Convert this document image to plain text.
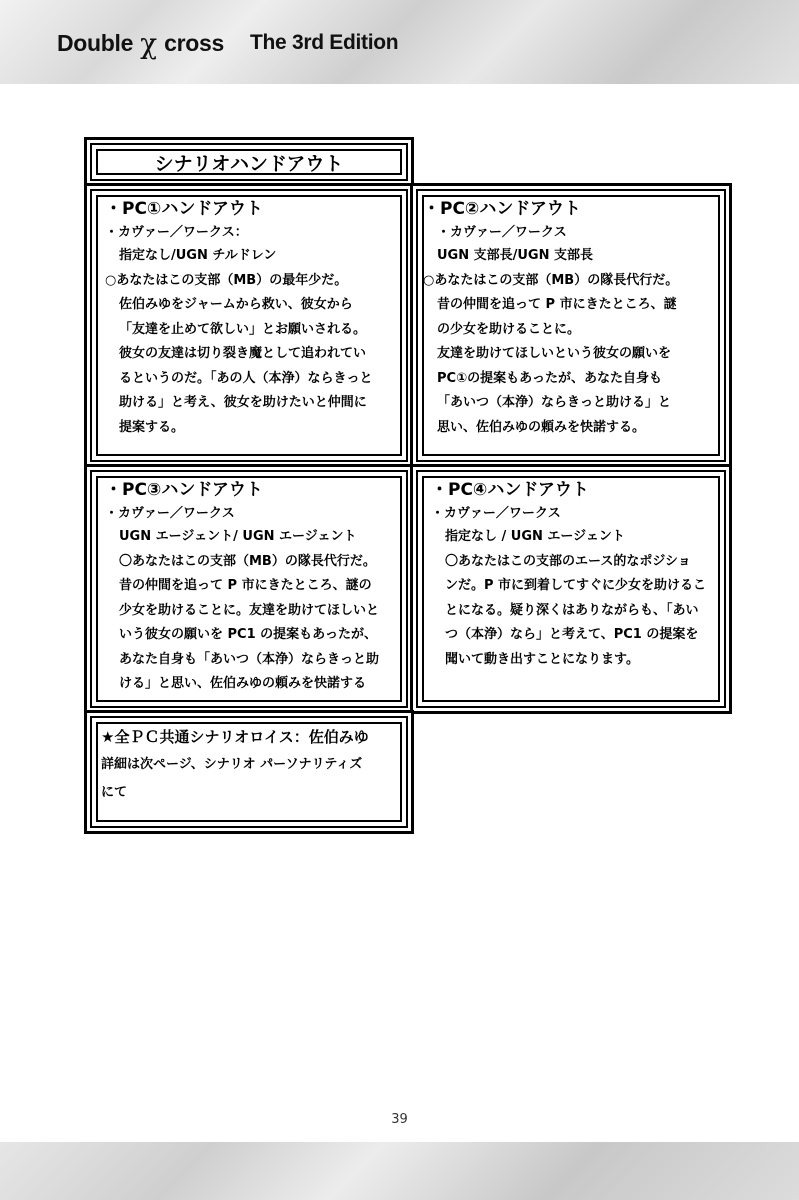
Double χ cross The 3rd Edition
シナリオハンドアウト
・PC①ハンドアウト
・カヴァー／ワークス：
指定なし/UGN チルドレン
○あなたはこの支部（MB）の最年少だ。
佐伯みゆをジャームから救い、彼女から
「友達を止めて欲しい」とお願いされる。
彼女の友達は切り裂き魔として追われてい
るというのだ。「あの人（本浄）ならきっと
助ける」と考え、彼女を助けたいと仲間に
提案する。
・PC②ハンドアウト
・カヴァー／ワークス
UGN 支部長/UGN 支部長
○あなたはこの支部（MB）の隊長代行だ。
昔の仲間を追って P 市にきたところ、謎
の少女を助けることに。
友達を助けてほしいという彼女の願いを
PC①の提案もあったが、あなた自身も
「あいつ（本浄）ならきっと助ける」と
思い、佐伯みゆの頼みを快諾する。
・PC③ハンドアウト
・カヴァー／ワークス
UGN エージェント/ UGN エージェント
〇あなたはこの支部（MB）の隊長代行だ。
昔の仲間を追って P 市にきたところ、謎の
少女を助けることに。友達を助けてほしいと
いう彼女の願いを PC1 の提案もあったが、
あなた自身も「あいつ（本浄）ならきっと助
ける」と思い、佐伯みゆの頼みを快諾する
・PC④ハンドアウト
・カヴァー／ワークス
指定なし / UGN エージェント
〇あなたはこの支部のエース的なポジショ
ンだ。P 市に到着してすぐに少女を助けるこ
とになる。疑り深くはありながらも、「あい
つ（本浄）なら」と考えて、PC1 の提案を
聞いて動き出すことになります。
★全ＰＣ共通シナリオロイス：佐伯みゆ
詳細は次ページ、シナリオ パーソナリティズ
にて
39
